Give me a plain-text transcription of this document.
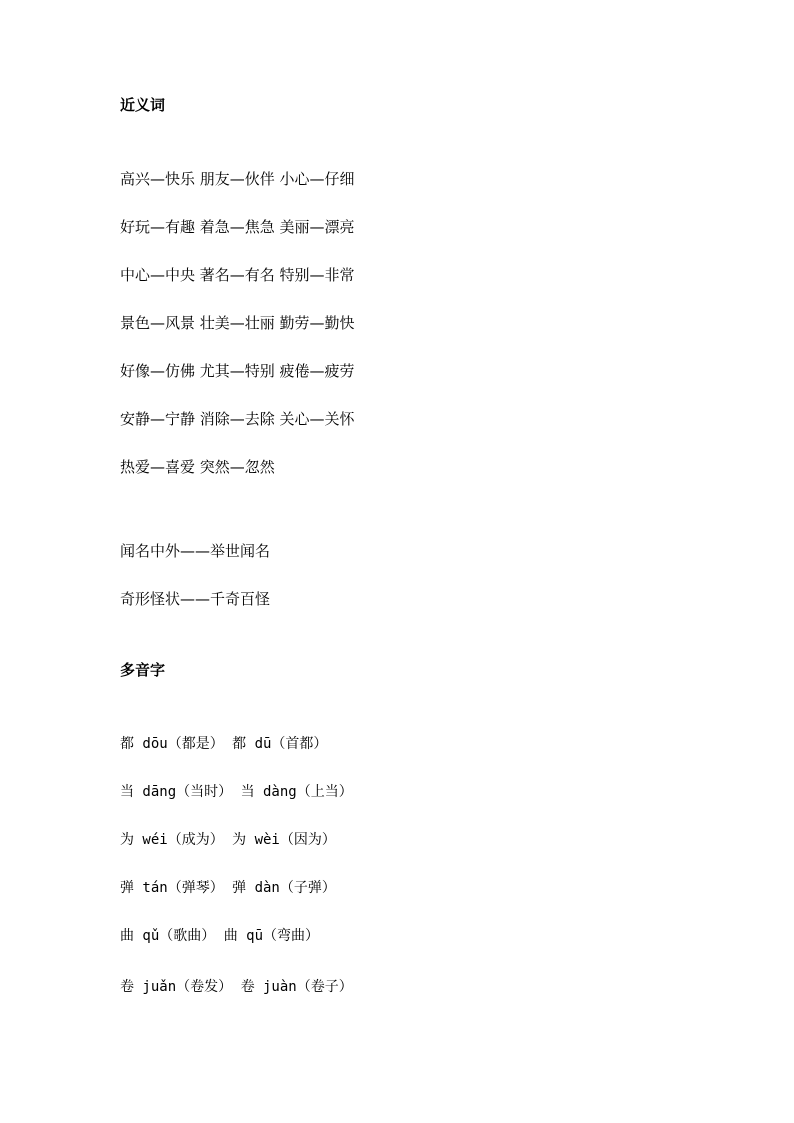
近义词
高兴—快乐 朋友—伙伴 小心—仔细
好玩—有趣 着急—焦急 美丽—漂亮
中心—中央 著名—有名 特别—非常
景色—风景 壮美—壮丽 勤劳—勤快
好像—仿佛 尤其—特别 疲倦—疲劳
安静—宁静 消除—去除 关心—关怀
热爱—喜爱 突然—忽然
闻名中外——举世闻名
奇形怪状——千奇百怪
多音字
都 dōu（都是） 都 dū（首都）
当 dāng（当时） 当 dàng（上当）
为 wéi（成为） 为 wèi（因为）
弹 tán（弹琴） 弹 dàn（子弹）
曲 qǔ（歌曲） 曲 qū（弯曲）
卷 juǎn（卷发） 卷 juàn（卷子）
